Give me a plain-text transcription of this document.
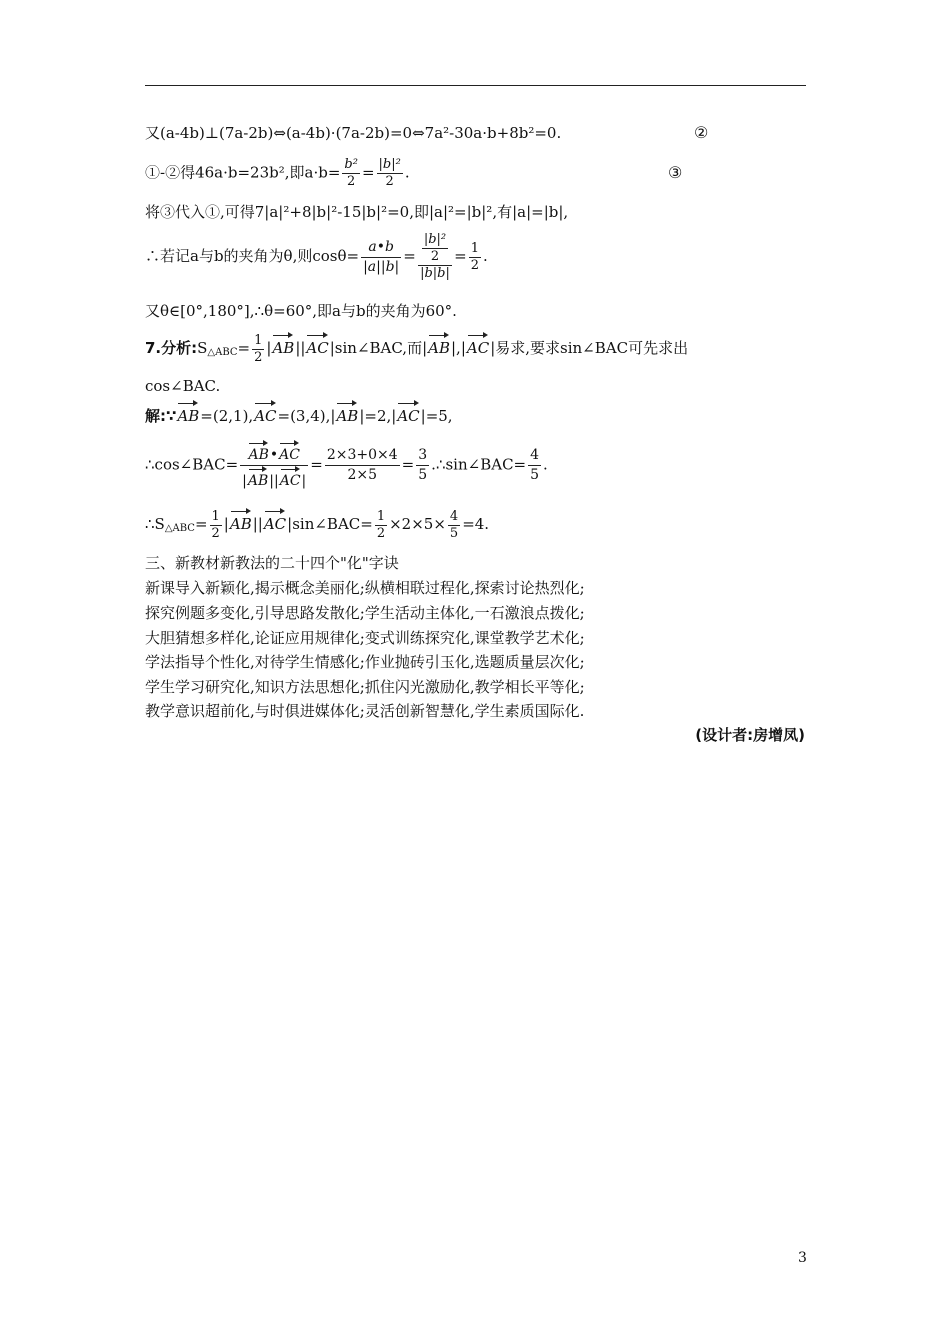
又(a-4b)⊥(7a-2b)⇔(a-4b)·(7a-2b)=0⇔7a²-30a·b+8b²=0.	②
①-②得46a·b=23b²,即$a\cdot b= \frac{\text{b²}}{2} = \frac{\text{|b|²}}{2}$ .	③
将③代入①,可得7|a|²+8|b|²-15|b|²=0,即|a|²=|b|²,有|a|=|b|,
∴若记a与b的夹角为θ,则$\cos\theta= \frac{a•b}{|a||b|} = \frac{\frac{\text{|b|²}}{2}}{|b|b|} = \frac{1}{2}$ .
又θ∈[0°,180°],∴θ=60°,即a与b的夹角为60°.
7.分析$:S_{\triangle ABC}= \frac{1}{2}$ |AB||AC|sin∠BAC,而|AB|,|AC|易求,要求sin∠BAC可先求出
cos∠BAC.
解:∵AB=(2,1),AC=(3,4),|AB|=2,|AC|=5,
∴cos∠BAC= $\frac{AB•AC}{|AB||AC|} = \frac{2\times 3+0\times 4}{2\times 5} = \frac{3}{5}$ .∴sin∠BAC= $\frac{4}{5}$ .
$\therefore S_{\triangle ABC}= \frac{1}{2}$ |AB||AC|sin∠BAC= $\frac{1}{2} \times 2\times 5\times \frac{4}{5} =4$.
三、新教材新教法的二十四个"化"字诀
新课导入新颖化,揭示概念美丽化;纵横相联过程化,探索讨论热烈化;
探究例题多变化,引导思路发散化;学生活动主体化,一石激浪点拨化;
大胆猜想多样化,论证应用规律化;变式训练探究化,课堂教学艺术化;
学法指导个性化,对待学生情感化;作业抛砖引玉化,选题质量层次化;
学生学习研究化,知识方法思想化;抓住闪光激励化,教学相长平等化;
教学意识超前化,与时俱进媒体化;灵活创新智慧化,学生素质国际化.
(设计者:房增凤)
3
